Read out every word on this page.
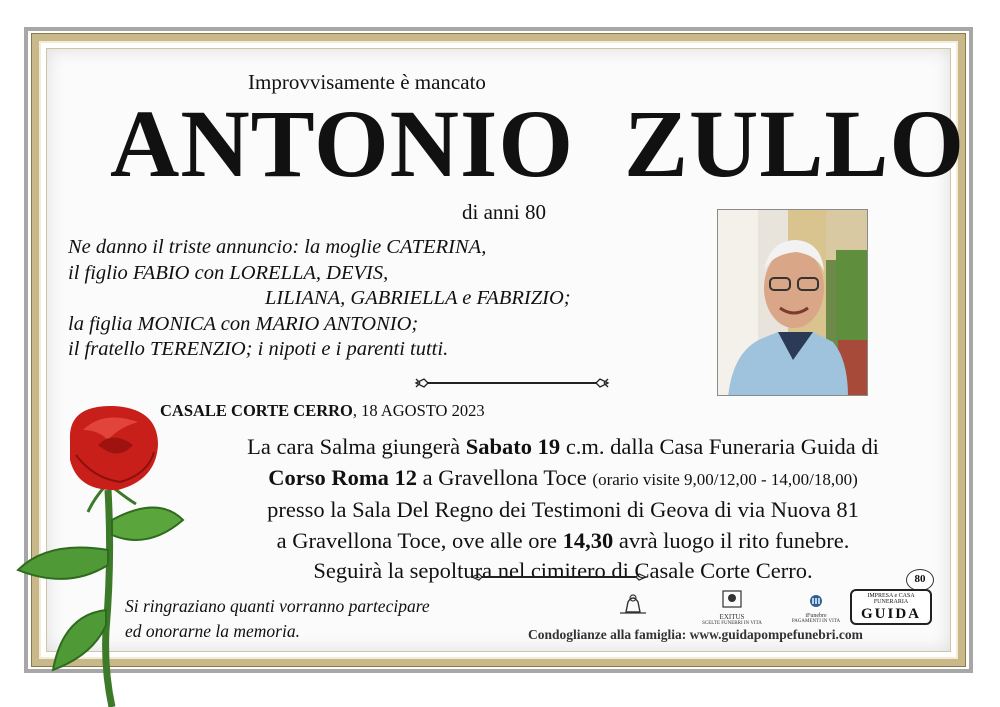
Improvvisamente è mancato
ANTONIO  ZULLO
di anni 80
Ne danno il triste annuncio: la moglie CATERINA,
il figlio FABIO con LORELLA, DEVIS,
LILIANA, GABRIELLA e FABRIZIO;
la figlia MONICA con MARIO ANTONIO;
il fratello TERENZIO; i nipoti e i parenti tutti.
CASALE CORTE CERRO, 18 AGOSTO 2023
La cara Salma giungerà Sabato 19 c.m. dalla Casa Funeraria Guida di
Corso Roma 12 a Gravellona Toce (orario visite 9,00/12,00 - 14,00/18,00)
presso la Sala Del Regno dei Testimoni di Geova di via Nuova 81
a Gravellona Toce, ove alle ore 14,30 avrà luogo il rito funebre.
Seguirà la sepoltura nel cimitero di Casale Corte Cerro.
Si ringraziano quanti vorranno partecipare
ed onorarne la memoria.
EXITUS
SCELTE FUNEBRI IN VITA
iFunebre
PAGAMENTI IN VITA
80
IMPRESA e CASA FUNERARIA
GUIDA
Condoglianze alla famiglia: www.guidapompefunebri.com
